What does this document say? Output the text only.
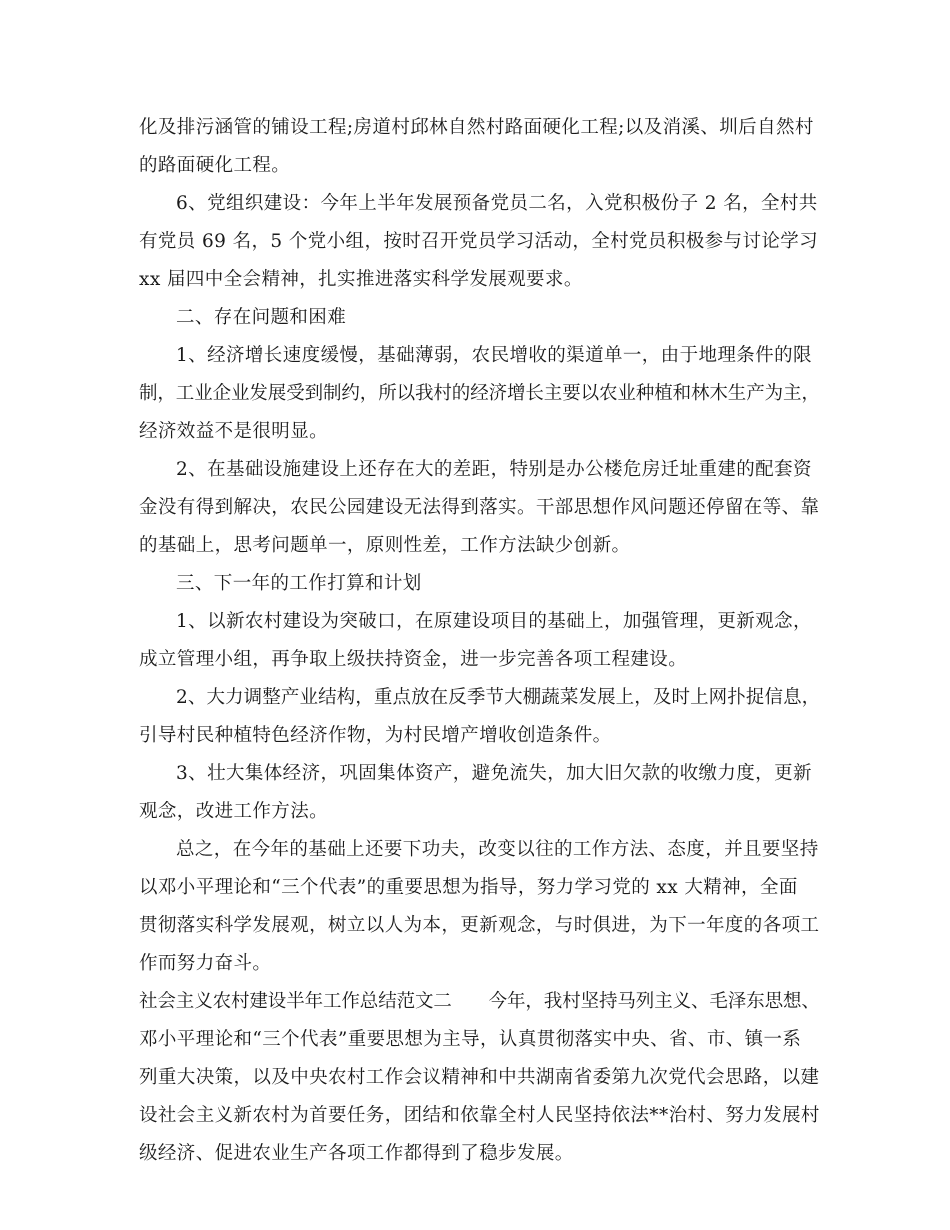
化及排污涵管的铺设工程;房道村邱林自然村路面硬化工程;以及消溪、圳后自然村
的路面硬化工程。
6、党组织建设：今年上半年发展预备党员二名，入党积极份子 2 名，全村共
有党员 69 名，5 个党小组，按时召开党员学习活动，全村党员积极参与讨论学习
xx 届四中全会精神，扎实推进落实科学发展观要求。
二、存在问题和困难
1、经济增长速度缓慢，基础薄弱，农民增收的渠道单一，由于地理条件的限
制，工业企业发展受到制约，所以我村的经济增长主要以农业种植和林木生产为主，
经济效益不是很明显。
2、在基础设施建设上还存在大的差距，特别是办公楼危房迁址重建的配套资
金没有得到解决，农民公园建设无法得到落实。干部思想作风问题还停留在等、靠
的基础上，思考问题单一，原则性差，工作方法缺少创新。
三、下一年的工作打算和计划
1、以新农村建设为突破口，在原建设项目的基础上，加强管理，更新观念，
成立管理小组，再争取上级扶持资金，进一步完善各项工程建设。
2、大力调整产业结构，重点放在反季节大棚蔬菜发展上，及时上网扑捉信息，
引导村民种植特色经济作物，为村民增产增收创造条件。
3、壮大集体经济，巩固集体资产，避免流失，加大旧欠款的收缴力度，更新
观念，改进工作方法。
总之，在今年的基础上还要下功夫，改变以往的工作方法、态度，并且要坚持
以邓小平理论和“三个代表”的重要思想为指导，努力学习党的 xx 大精神，全面
贯彻落实科学发展观，树立以人为本，更新观念，与时俱进，为下一年度的各项工
作而努力奋斗。
社会主义农村建设半年工作总结范文二　　今年，我村坚持马列主义、毛泽东思想、
邓小平理论和“三个代表”重要思想为主导，认真贯彻落实中央、省、市、镇一系
列重大决策，以及中央农村工作会议精神和中共湖南省委第九次党代会思路，以建
设社会主义新农村为首要任务，团结和依靠全村人民坚持依法**治村、努力发展村
级经济、促进农业生产各项工作都得到了稳步发展。
